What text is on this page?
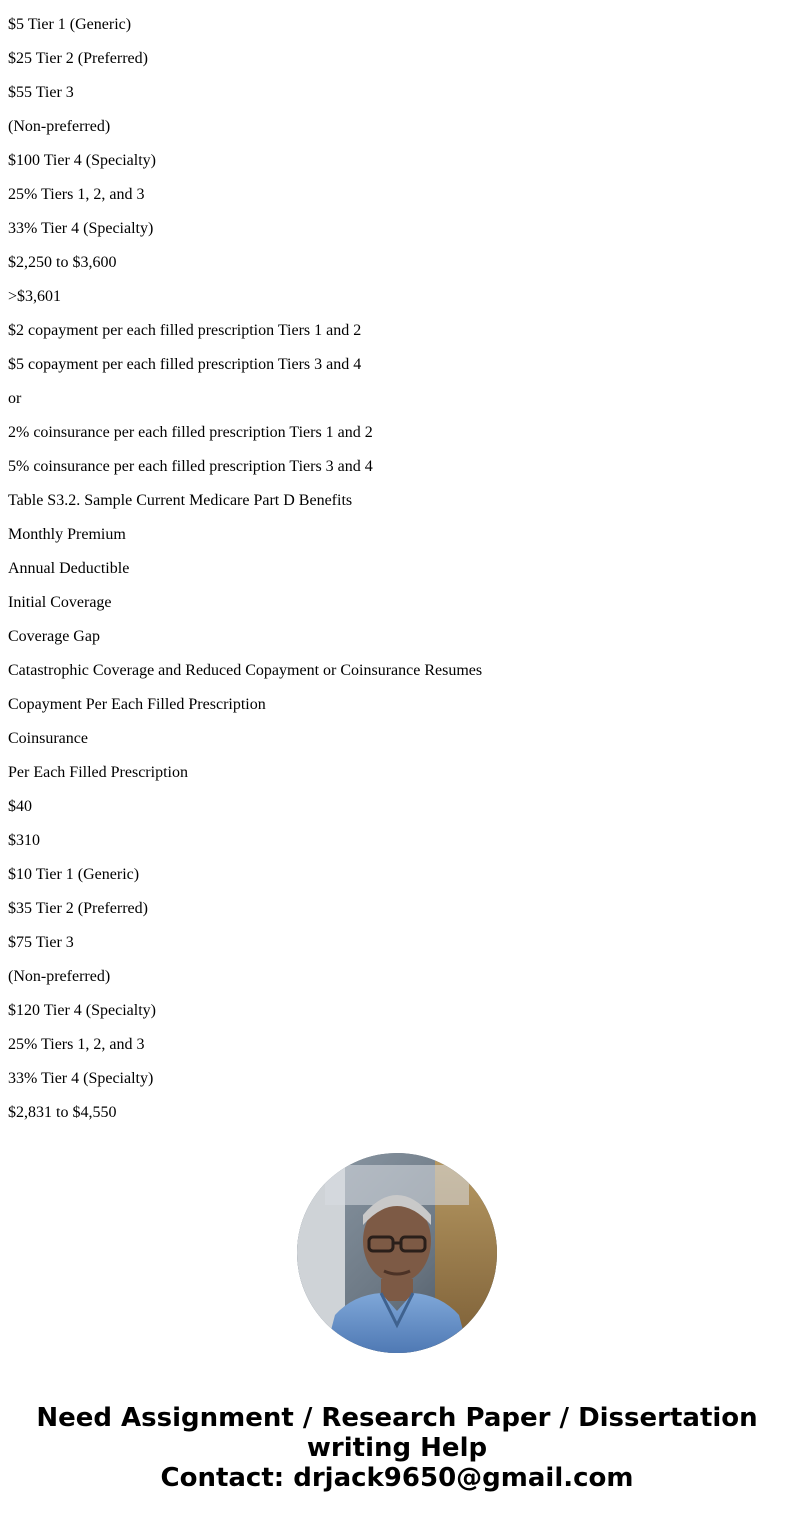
$5 Tier 1 (Generic)

$25 Tier 2 (Preferred)

$55 Tier 3

(Non-preferred)

$100 Tier 4 (Specialty)

25% Tiers 1, 2, and 3

33% Tier 4 (Specialty)

$2,250 to $3,600

>$3,601

$2 copayment per each filled prescription Tiers 1 and 2

$5 copayment per each filled prescription Tiers 3 and 4

or

2% coinsurance per each filled prescription Tiers 1 and 2

5% coinsurance per each filled prescription Tiers 3 and 4

Table S3.2. Sample Current Medicare Part D Benefits

Monthly Premium

Annual Deductible

Initial Coverage

Coverage Gap

Catastrophic Coverage and Reduced Copayment or Coinsurance Resumes

Copayment Per Each Filled Prescription

Coinsurance

Per Each Filled Prescription

$40

$310

$10 Tier 1 (Generic)

$35 Tier 2 (Preferred)

$75 Tier 3

(Non-preferred)

$120 Tier 4 (Specialty)

25% Tiers 1, 2, and 3

33% Tier 4 (Specialty)

$2,831 to $4,550

Need Assignment / Research Paper / Dissertation
writing Help
Contact: drjack9650@gmail.com
